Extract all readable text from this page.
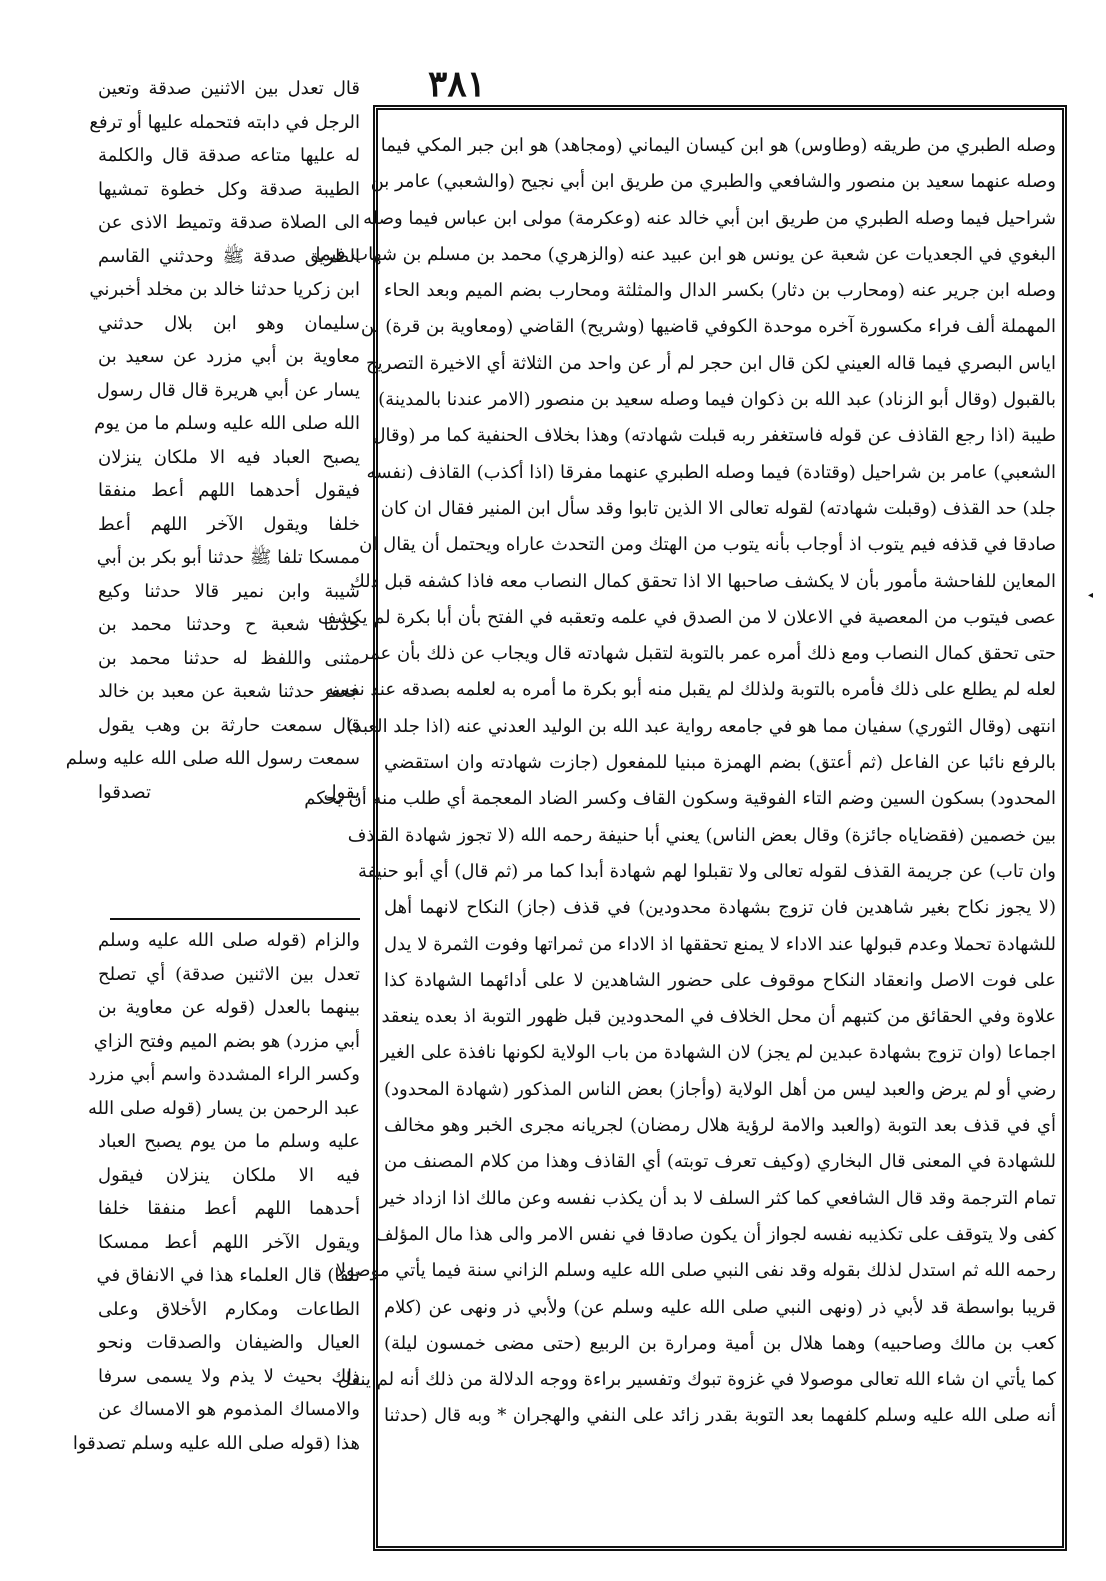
٣٨١
قال تعدل بين الاثنين صدقة وتعين
الرجل في دابته فتحمله عليها أو ترفع
له عليها متاعه صدقة قال والكلمة
الطيبة صدقة وكل خطوة تمشيها
الى الصلاة صدقة وتميط الاذى عن
الطريق صدقة ﷺ وحدثني القاسم
ابن زكريا حدثنا خالد بن مخلد أخبرني
سليمان وهو ابن بلال حدثني
معاوية بن أبي مزرد عن سعيد بن
يسار عن أبي هريرة قال قال رسول
الله صلى الله عليه وسلم ما من يوم
يصبح العباد فيه الا ملكان ينزلان
فيقول أحدهما اللهم أعط منفقا
خلفا ويقول الآخر اللهم أعط
ممسكا تلفا ﷺ حدثنا أبو بكر بن أبي
شيبة وابن نمير قالا حدثنا وكيع
حدثنا شعبة ح وحدثنا محمد بن
مثنى واللفظ له حدثنا محمد بن
جعفر حدثنا شعبة عن معبد بن خالد
قال سمعت حارثة بن وهب يقول
سمعت رسول الله صلى الله عليه وسلم
يقول تصدقوا
والزام (قوله صلى الله عليه وسلم
تعدل بين الاثنين صدقة) أي تصلح
بينهما بالعدل (قوله عن معاوية بن
أبي مزرد) هو بضم الميم وفتح الزاي
وكسر الراء المشددة واسم أبي مزرد
عبد الرحمن بن يسار (قوله صلى الله
عليه وسلم ما من يوم يصبح العباد
فيه الا ملكان ينزلان فيقول
أحدهما اللهم أعط منفقا خلفا
ويقول الآخر اللهم أعط ممسكا
تلفا) قال العلماء هذا في الانفاق في
الطاعات ومكارم الأخلاق وعلى
العيال والضيفان والصدقات ونحو
ذلك بحيث لا يذم ولا يسمى سرفا
والامساك المذموم هو الامساك عن
هذا (قوله صلى الله عليه وسلم تصدقوا
وصله الطبري من طريقه (وطاوس) هو ابن كيسان اليماني (ومجاهد) هو ابن جبر المكي فيما
وصله عنهما سعيد بن منصور والشافعي والطبري من طريق ابن أبي نجيح (والشعبي) عامر بن
شراحيل فيما وصله الطبري من طريق ابن أبي خالد عنه (وعكرمة) مولى ابن عباس فيما وصله
البغوي في الجعديات عن شعبة عن يونس هو ابن عبيد عنه (والزهري) محمد بن مسلم بن شهاب فيما
وصله ابن جرير عنه (ومحارب بن دثار) بكسر الدال والمثلثة ومحارب بضم الميم وبعد الحاء
المهملة ألف فراء مكسورة آخره موحدة الكوفي قاضيها (وشريح) القاضي (ومعاوية بن قرة) بن
اياس البصري فيما قاله العيني لكن قال ابن حجر لم أر عن واحد من الثلاثة أي الاخيرة التصريح
بالقبول (وقال أبو الزناد) عبد الله بن ذكوان فيما وصله سعيد بن منصور (الامر عندنا بالمدينة)
طيبة (اذا رجع القاذف عن قوله فاستغفر ربه قبلت شهادته) وهذا بخلاف الحنفية كما مر (وقال
الشعبي) عامر بن شراحيل (وقتادة) فيما وصله الطبري عنهما مفرقا (اذا أكذب) القاذف (نفسه
جلد) حد القذف (وقبلت شهادته) لقوله تعالى الا الذين تابوا وقد سأل ابن المنير فقال ان كان
صادقا في قذفه فيم يتوب اذ أوجاب بأنه يتوب من الهتك ومن التحدث عاراه ويحتمل أن يقال ان
المعاين للفاحشة مأمور بأن لا يكشف صاحبها الا اذا تحقق كمال النصاب معه فاذا كشفه قبل ذلك
عصى فيتوب من المعصية في الاعلان لا من الصدق في علمه وتعقبه في الفتح بأن أبا بكرة لم يكشف
حتى تحقق كمال النصاب ومع ذلك أمره عمر بالتوبة لتقبل شهادته قال ويجاب عن ذلك بأن عمر
لعله لم يطلع على ذلك فأمره بالتوبة ولذلك لم يقبل منه أبو بكرة ما أمره به لعلمه بصدقه عند نفسه
انتهى (وقال الثوري) سفيان مما هو في جامعه رواية عبد الله بن الوليد العدني عنه (اذا جلد العبد)
بالرفع نائبا عن الفاعل (ثم أعتق) بضم الهمزة مبنيا للمفعول (جازت شهادته وان استقضي
المحدود) بسكون السين وضم التاء الفوقية وسكون القاف وكسر الضاد المعجمة أي طلب منه أن يحكم
بين خصمين (فقضاياه جائزة) وقال بعض الناس) يعني أبا حنيفة رحمه الله (لا تجوز شهادة القاذف
وان تاب) عن جريمة القذف لقوله تعالى ولا تقبلوا لهم شهادة أبدا كما مر (ثم قال) أي أبو حنيفة
(لا يجوز نكاح بغير شاهدين فان تزوج بشهادة محدودين) في قذف (جاز) النكاح لانهما أهل
للشهادة تحملا وعدم قبولها عند الاداء لا يمنع تحققها اذ الاداء من ثمراتها وفوت الثمرة لا يدل
على فوت الاصل وانعقاد النكاح موقوف على حضور الشاهدين لا على أدائهما الشهادة كذا
علاوة وفي الحقائق من كتبهم أن محل الخلاف في المحدودين قبل ظهور التوبة اذ بعده ينعقد
اجماعا (وان تزوج بشهادة عبدين لم يجز) لان الشهادة من باب الولاية لكونها نافذة على الغير
رضي أو لم يرض والعبد ليس من أهل الولاية (وأجاز) بعض الناس المذكور (شهادة المحدود)
أي في قذف بعد التوبة (والعبد والامة لرؤية هلال رمضان) لجريانه مجرى الخبر وهو مخالف
للشهادة في المعنى قال البخاري (وكيف تعرف توبته) أي القاذف وهذا من كلام المصنف من
تمام الترجمة وقد قال الشافعي كما كثر السلف لا بد أن يكذب نفسه وعن مالك اذا ازداد خيرا
كفى ولا يتوقف على تكذيبه نفسه لجواز أن يكون صادقا في نفس الامر والى هذا مال المؤلف
رحمه الله ثم استدل لذلك بقوله وقد نفى النبي صلى الله عليه وسلم الزاني سنة فيما يأتي موصولا
قريبا بواسطة قد لأبي ذر (ونهى النبي صلى الله عليه وسلم عن) ولأبي ذر ونهى عن (كلام
كعب بن مالك وصاحبيه) وهما هلال بن أمية ومرارة بن الربيع (حتى مضى خمسون ليلة)
كما يأتي ان شاء الله تعالى موصولا في غزوة تبوك وتفسير براءة ووجه الدلالة من ذلك أنه لم ينقل
أنه صلى الله عليه وسلم كلفهما بعد التوبة بقدر زائد على النفي والهجران * وبه قال (حدثنا
◂
